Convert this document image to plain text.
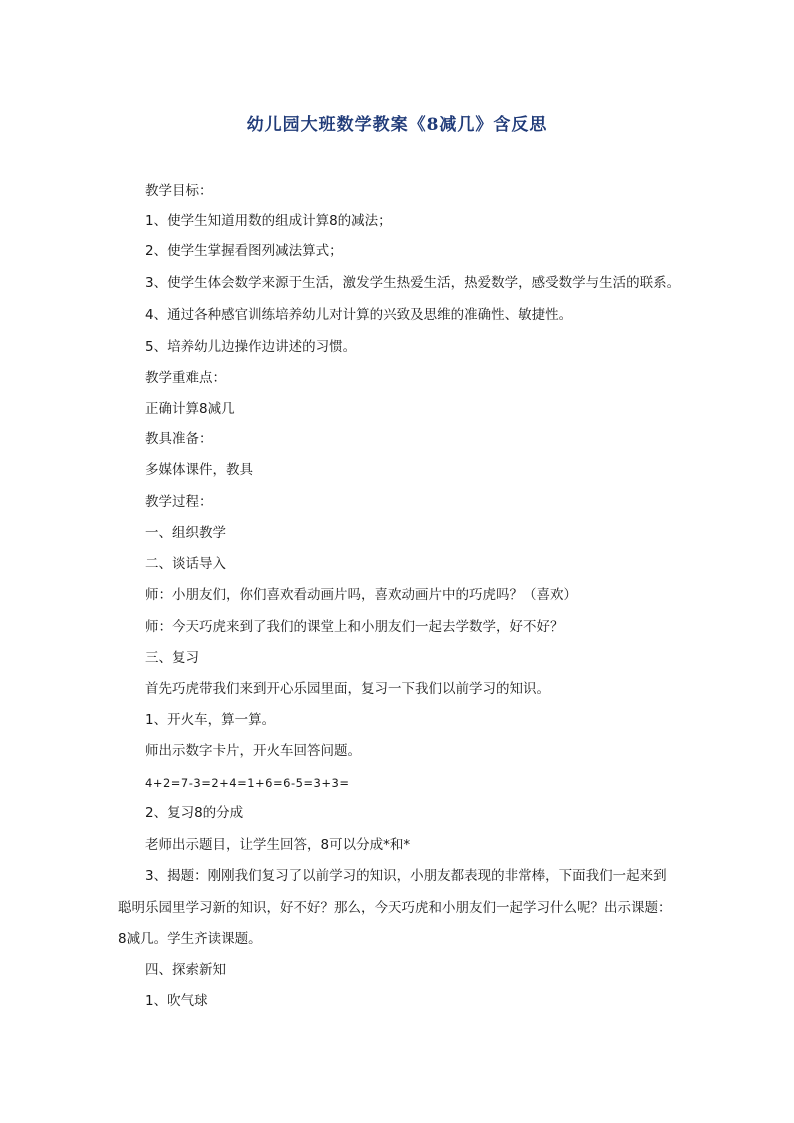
幼儿园大班数学教案《8减几》含反思
教学目标：
1、使学生知道用数的组成计算8的减法；
2、使学生掌握看图列减法算式；
3、使学生体会数学来源于生活，激发学生热爱生活，热爱数学，感受数学与生活的联系。
4、通过各种感官训练培养幼儿对计算的兴致及思维的准确性、敏捷性。
5、培养幼儿边操作边讲述的习惯。
教学重难点：
正确计算8减几
教具准备：
多媒体课件，教具
教学过程：
一、组织教学
二、谈话导入
师：小朋友们，你们喜欢看动画片吗，喜欢动画片中的巧虎吗？（喜欢）
师：今天巧虎来到了我们的课堂上和小朋友们一起去学数学，好不好？
三、复习
首先巧虎带我们来到开心乐园里面，复习一下我们以前学习的知识。
1、开火车，算一算。
师出示数字卡片，开火车回答问题。
4+2=7-3=2+4=1+6=6-5=3+3=
2、复习8的分成
老师出示题目，让学生回答，8可以分成*和*
3、揭题：刚刚我们复习了以前学习的知识，小朋友都表现的非常棒，下面我们一起来到
聪明乐园里学习新的知识，好不好？那么，今天巧虎和小朋友们一起学习什么呢？出示课题：
8减几。学生齐读课题。
四、探索新知
1、吹气球
